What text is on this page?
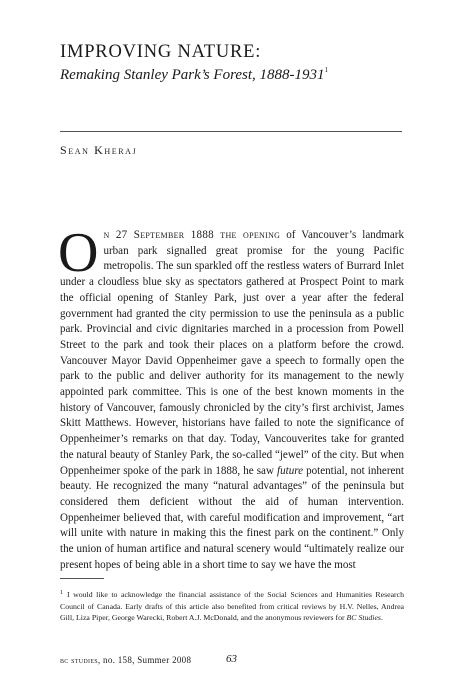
IMPROVING NATURE:
Remaking Stanley Park’s Forest, 1888-1931$^1$
Sean Kheraj

On 27 September 1888 the opening of Vancouver’s landmark urban park signalled great promise for the young Pacific metropolis. The sun sparkled off the restless waters of Burrard Inlet under a cloudless blue sky as spectators gathered at Prospect Point to mark the official opening of Stanley Park, just over a year after the federal government had granted the city permission to use the peninsula as a public park. Provincial and civic dignitaries marched in a procession from Powell Street to the park and took their places on a platform before the crowd. Vancouver Mayor David Oppenheimer gave a speech to formally open the park to the public and deliver authority for its management to the newly appointed park committee. This is one of the best known moments in the history of Vancouver, famously chronicled by the city’s first archivist, James Skitt Matthews. However, historians have failed to note the significance of Oppenheimer’s remarks on that day. Today, Vancouverites take for granted the natural beauty of Stanley Park, the so-called “jewel” of the city. But when Oppenheimer spoke of the park in 1888, he saw future potential, not inherent beauty. He recognized the many “natural advantages” of the peninsula but considered them deficient without the aid of human intervention. Oppenheimer believed that, with careful modification and improvement, “art will unite with nature in making this the finest park on the continent.” Only the union of human artifice and natural scenery would “ultimately realize our present hopes of being able in a short time to say we have the most

$^1$ I would like to acknowledge the financial assistance of the Social Sciences and Humanities Research Council of Canada. Early drafts of this article also benefited from critical reviews by H.V. Nelles, Andrea Gill, Liza Piper, George Warecki, Robert A.J. McDonald, and the anonymous reviewers for BC Studies.
bc studies, no. 158, Summer 2008	63
